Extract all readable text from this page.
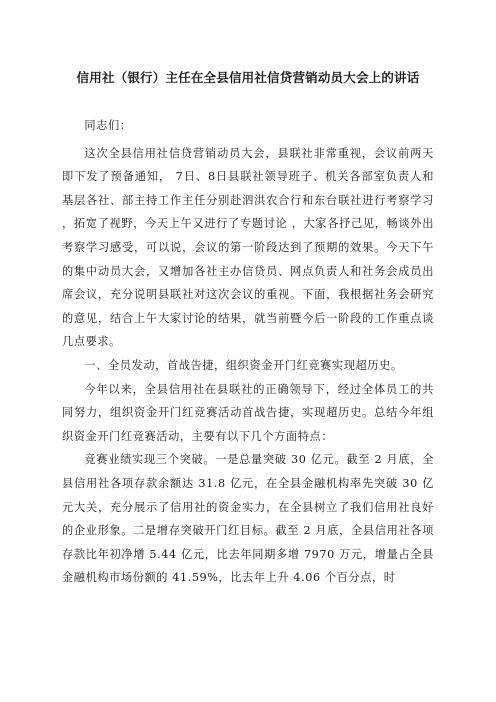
信用社（银行）主任在全县信用社信贷营销动员大会上的讲话

同志们：

这次全县信用社信贷营销动员大会，县联社非常重视，会议前两天即下发了预备通知， 7日、8日县联社领导班子、机关各部室负责人和基层各社、部主持工作主任分别赴泗洪农合行和东台联社进行考察学习 ，拓宽了视野，今天上午又进行了专题讨论 ，大家各抒己见，畅谈外出考察学习感受，可以说，会议的第一阶段达到了预期的效果。今天下午的集中动员大会，又增加各社主办信贷员、网点负责人和社务会成员出席会议，充分说明县联社对这次会议的重视。下面，我根据社务会研究的意见，结合上午大家讨论的结果，就当前暨今后一阶段的工作重点谈几点要求。

一、全员发动，首战告捷，组织资金开门红竞赛实现超历史。

今年以来，全县信用社在县联社的正确领导下，经过全体员工的共同努力，组织资金开门红竞赛活动首战告捷，实现超历史。总结今年组织资金开门红竞赛活动，主要有以下几个方面特点：

竞赛业绩实现三个突破。一是总量突破 30 亿元。截至 2 月底，全县信用社各项存款余额达 31.8 亿元，在全县金融机构率先突破 30 亿元大关，充分展示了信用社的资金实力，在全县树立了我们信用社良好的企业形象。二是增存突破开门红目标。截至 2 月底，全县信用社各项存款比年初净增 5.44 亿元，比去年同期多增 7970 万元，增量占全县金融机构市场份额的 41.59%，比去年上升 4.06 个百分点，时
